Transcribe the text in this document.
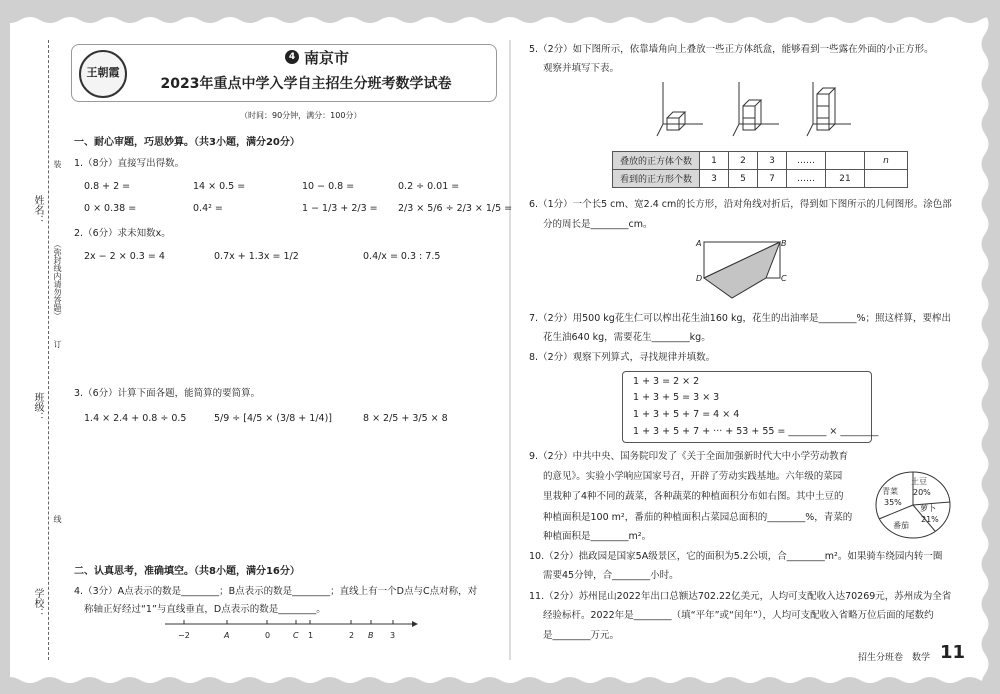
姓名：
班级：
学校：
（弥封线内请勿答题）
装
订
线
王朝霞
4 南京市
2023年重点中学入学自主招生分班考数学试卷
（时间：90分钟，满分：100分）
一、耐心审题，巧思妙算。（共3小题，满分20分）
1.（8分）直接写出得数。
0.8 + 2 =	14 × 0.5 =	10 − 0.8 =	0.2 ÷ 0.01 =
0 × 0.38 =	0.4² =	1 − 1/3 + 2/3 = 2/3 × 5/6 ÷ 2/3 × 1/5 =
2.（6分）求未知数x。
2x − 2 × 0.3 = 4	0.7x + 1.3x = 1/2	0.4/x = 0.3 : 7.5
3.（6分）计算下面各题，能简算的要简算。
1.4 × 2.4 + 0.8 ÷ 0.5	5/9 ÷ [4/5 × (3/8 + 1/4)]	8 × 2/5 + 3/5 × 8
二、认真思考，准确填空。（共8小题，满分16分）
4.（3分）A点表示的数是________；B点表示的数是________；直线上有一个D点与C点对称，对
称轴正好经过“1”与直线垂直，D点表示的数是________。
−2	A	0	C 1	2 B 3
5.（2分）如下图所示，依靠墙角向上叠放一些正方体纸盒，能够看到一些露在外面的小正方形。
观察并填写下表。
叠放的正方体个数	1	2	3	……		n
看到的正方形个数	3	5	7	……	21	
6.（1分）一个长5 cm、宽2.4 cm的长方形，沿对角线对折后，得到如下图所示的几何图形。涂色部
分的周长是________cm。
A	B
D	C
7.（2分）用500 kg花生仁可以榨出花生油160 kg，花生的出油率是________%；照这样算，要榨出
花生油640 kg，需要花生________kg。
8.（2分）观察下列算式，寻找规律并填数。
1 + 3 = 2 × 2
1 + 3 + 5 = 3 × 3
1 + 3 + 5 + 7 = 4 × 4
1 + 3 + 5 + 7 + ··· + 53 + 55 = ________ × ________
9.（2分）中共中央、国务院印发了《关于全面加强新时代大中小学劳动教育
的意见》。实验小学响应国家号召，开辟了劳动实践基地。六年级的菜园
里栽种了4种不同的蔬菜，各种蔬菜的种植面积分布如右图。其中土豆的
种植面积是100 m²，番茄的种植面积占菜园总面积的________%，青菜的
种植面积是________m²。
土豆
20%
萝卜
21%
番茄
青菜
35%
10.（2分）拙政园是国家5A级景区，它的面积为5.2公顷，合________m²。如果骑车绕园内转一圈
需要45分钟，合________小时。
11.（2分）苏州昆山2022年出口总额达702.22亿美元，人均可支配收入达70269元，苏州成为全省
经验标杆。2022年是________（填“平年”或“闰年”），人均可支配收入省略万位后面的尾数约
是________万元。
招生分班卷　数学 11
